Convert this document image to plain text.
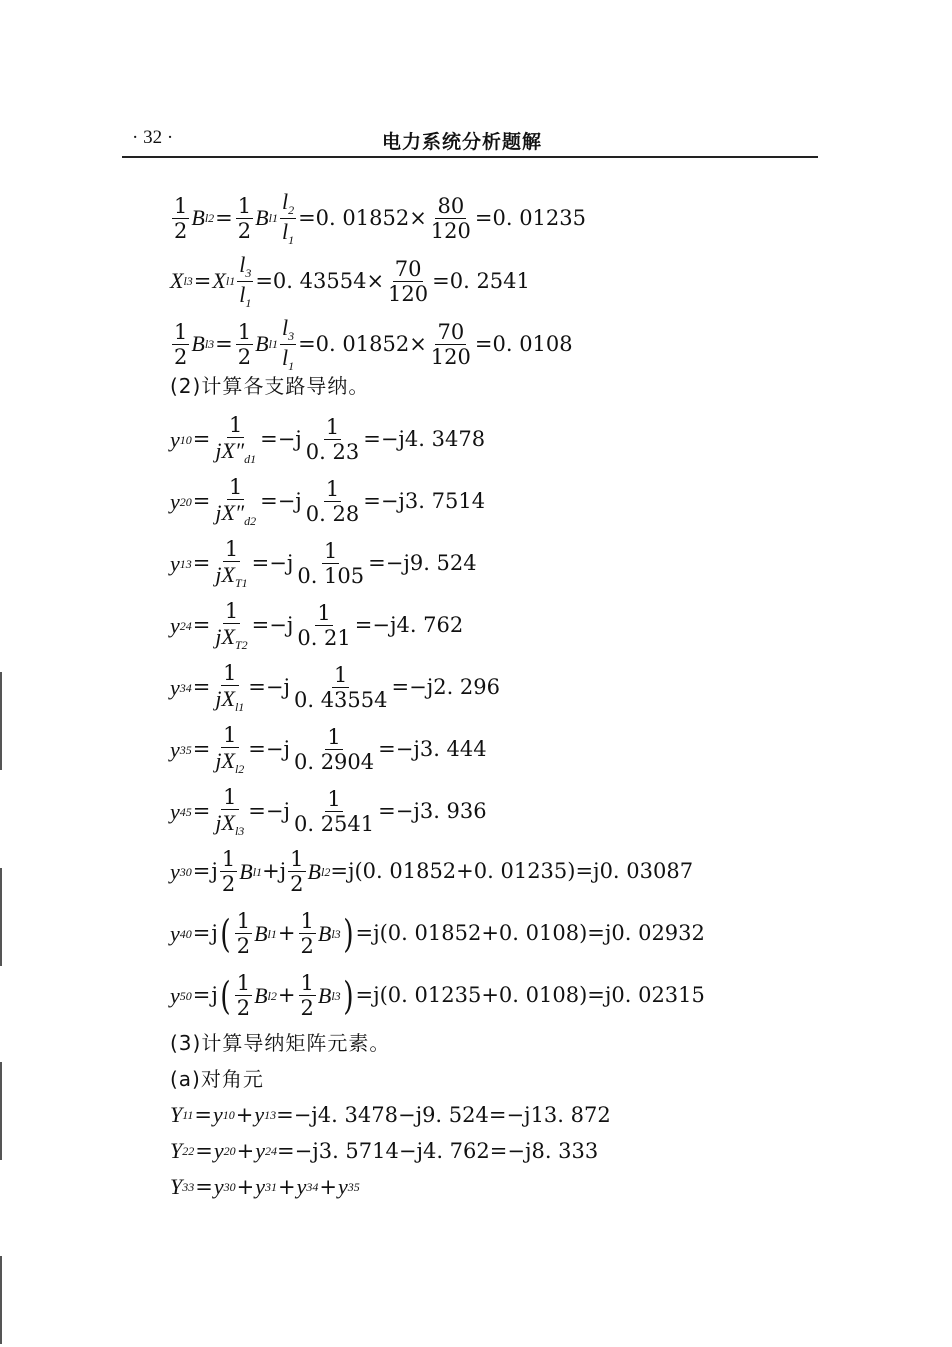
· 32 ·	电力系统分析题解
$\frac{1}{2}$ B $l2 = \frac{1}{2}$ B $l1 \frac{l_2}{l_1} =0$. $01852\times \frac{80}{120} =0$. 01235
X l3 = X $l1 \frac{l_3}{l_1} =0$. $43554\times \frac{70}{120} =0$. 2541
$\frac{1}{2}$ B $l3 = \frac{1}{2}$ B $l1 \frac{l_3}{l_1} =0$. $01852\times \frac{70}{120} =0$. 0108
(2)计算各支路导纳。
y $10 = \frac{1}{jX''_{d1}} =-j \frac{1}{0. 23} =-j4$. 3478
y $20 = \frac{1}{jX''_{d2}} =-j \frac{1}{0. 28} =-j3$. 7514
y $13 = \frac{1}{jX_{T1}} =-j \frac{1}{0. 105} =-j9$. 524
y $24 = \frac{1}{jX_{T2}} =-j \frac{1}{0. 21} =-j4$. 762
y $34 = \frac{1}{jX_{l1}} =-j \frac{1}{0. 43554} =-j2$. 296
y $35 = \frac{1}{jX_{l2}} =-j \frac{1}{0. 2904} =-j3$. 444
y $45 = \frac{1}{jX_{l3}} =-j \frac{1}{0. 2541} =-j3$. 936
y 30 = j $\frac{1}{2}$ B $l1 +j \frac{1}{2}$ B l2 =j(0. 01852+0. 01235)=j0. 03087
y 40 = j ( $\frac{1}{2}$ B $l1 + \frac{1}{2}$ B l3 ) =j(0. 01852+0. 0108)=j0. 02932
y 50 = j ( $\frac{1}{2}$ B $l2 + \frac{1}{2}$ B l3 ) =j(0. 01235+0. 0108)=j0. 02315
(3)计算导纳矩阵元素。
(a)对角元
Y 11 = y 10 + y 13 =−j4. 3478−j9. 524=−j13. 872
Y 22 = y 20 + y 24 =−j3. 5714−j4. 762=−j8. 333
Y 33 = y 30 + y 31 + y 34 + y 35
